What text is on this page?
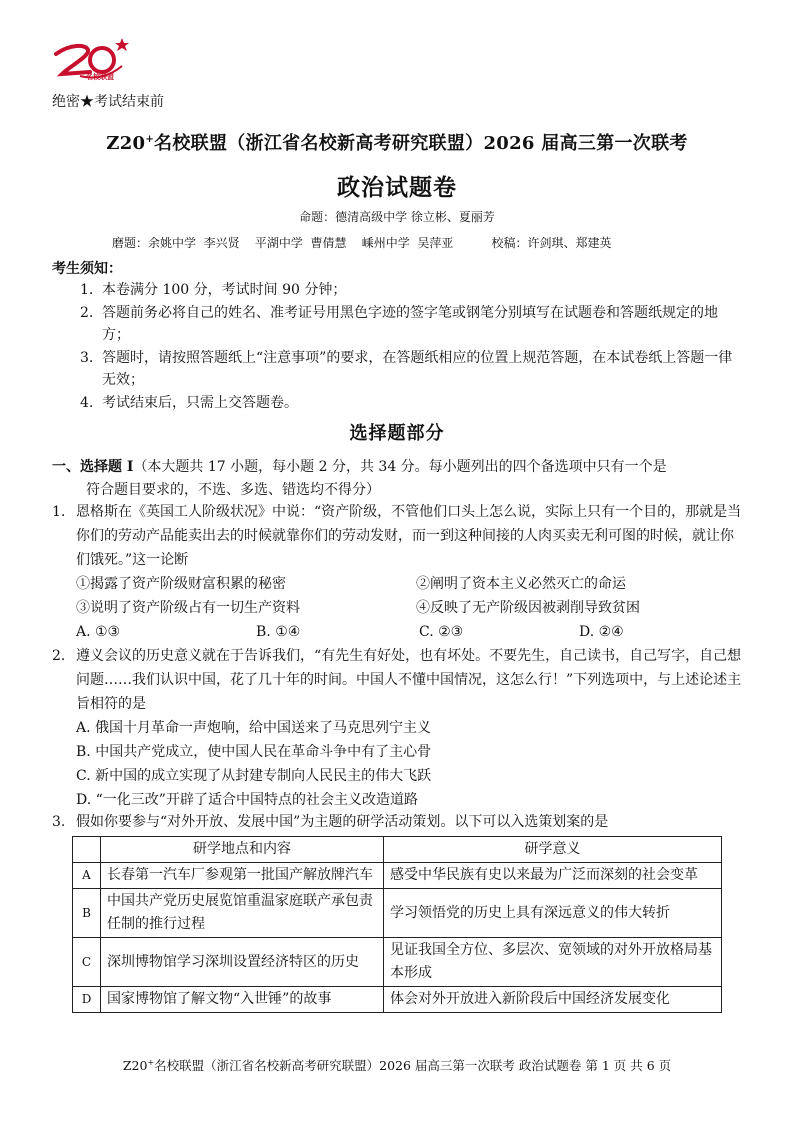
名校联盟
绝密★考试结束前
Z20+名校联盟（浙江省名校新高考研究联盟）2026 届高三第一次联考
政治试题卷
命题：德清高级中学 徐立彬、夏丽芳
磨题：余姚中学  李兴贤    平湖中学  曹倩慧    嵊州中学  吴萍亚          校稿：许剑琪、郑建英
考生须知：
1. 本卷满分 100 分，考试时间 90 分钟；
2. 答题前务必将自己的姓名、准考证号用黑色字迹的签字笔或钢笔分别填写在试题卷和答题纸规定的地方；
3. 答题时，请按照答题纸上“注意事项”的要求，在答题纸相应的位置上规范答题，在本试卷纸上答题一律无效；
4. 考试结束后，只需上交答题卷。
选择题部分
一、选择题 Ⅰ（本大题共 17 小题，每小题 2 分，共 34 分。每小题列出的四个备选项中只有一个是
符合题目要求的，不选、多选、错选均不得分）
1. 恩格斯在《英国工人阶级状况》中说：“资产阶级，不管他们口头上怎么说，实际上只有一个目的，那就是当你们的劳动产品能卖出去的时候就靠你们的劳动发财，而一到这种间接的人肉买卖无利可图的时候，就让你们饿死。”这一论断
①揭露了资产阶级财富积累的秘密	②阐明了资本主义必然灭亡的命运
③说明了资产阶级占有一切生产资料	④反映了无产阶级因被剥削导致贫困
A. ①③	B. ①④	C. ②③	D. ②④
2. 遵义会议的历史意义就在于告诉我们，“有先生有好处，也有坏处。不要先生，自己读书，自己写字，自己想问题……我们认识中国，花了几十年的时间。中国人不懂中国情况，这怎么行！”下列选项中，与上述论述主旨相符的是
A. 俄国十月革命一声炮响，给中国送来了马克思列宁主义
B. 中国共产党成立，使中国人民在革命斗争中有了主心骨
C. 新中国的成立实现了从封建专制向人民民主的伟大飞跃
D. “一化三改”开辟了适合中国特点的社会主义改造道路
3. 假如你要参与“对外开放、发展中国”为主题的研学活动策划。以下可以入选策划案的是
	研学地点和内容	研学意义
A	长春第一汽车厂参观第一批国产解放牌汽车	感受中华民族有史以来最为广泛而深刻的社会变革
B	中国共产党历史展览馆重温家庭联产承包责任制的推行过程	学习领悟党的历史上具有深远意义的伟大转折
C	深圳博物馆学习深圳设置经济特区的历史	见证我国全方位、多层次、宽领域的对外开放格局基本形成
D	国家博物馆了解文物“入世锤”的故事	体会对外开放进入新阶段后中国经济发展变化
Z20+名校联盟（浙江省名校新高考研究联盟）2026 届高三第一次联考 政治试题卷 第 1 页 共 6 页
